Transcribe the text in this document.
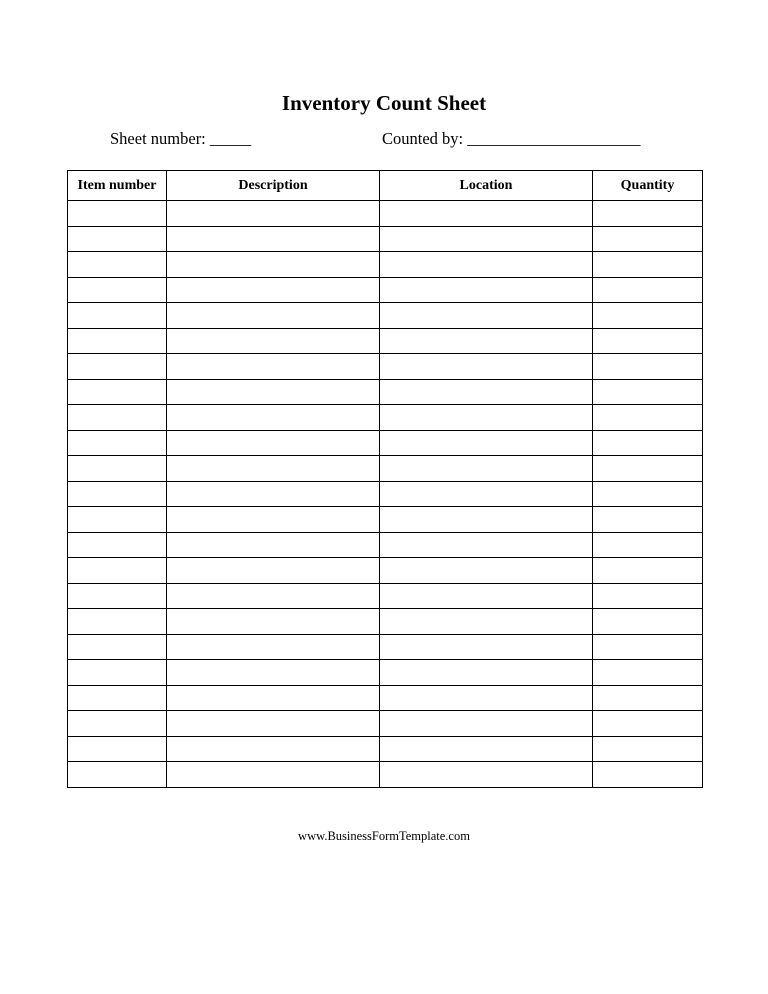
Inventory Count Sheet
Sheet number: _____	Counted by: _____________________
Item number	Description	Location	Quantity

www.BusinessFormTemplate.com
